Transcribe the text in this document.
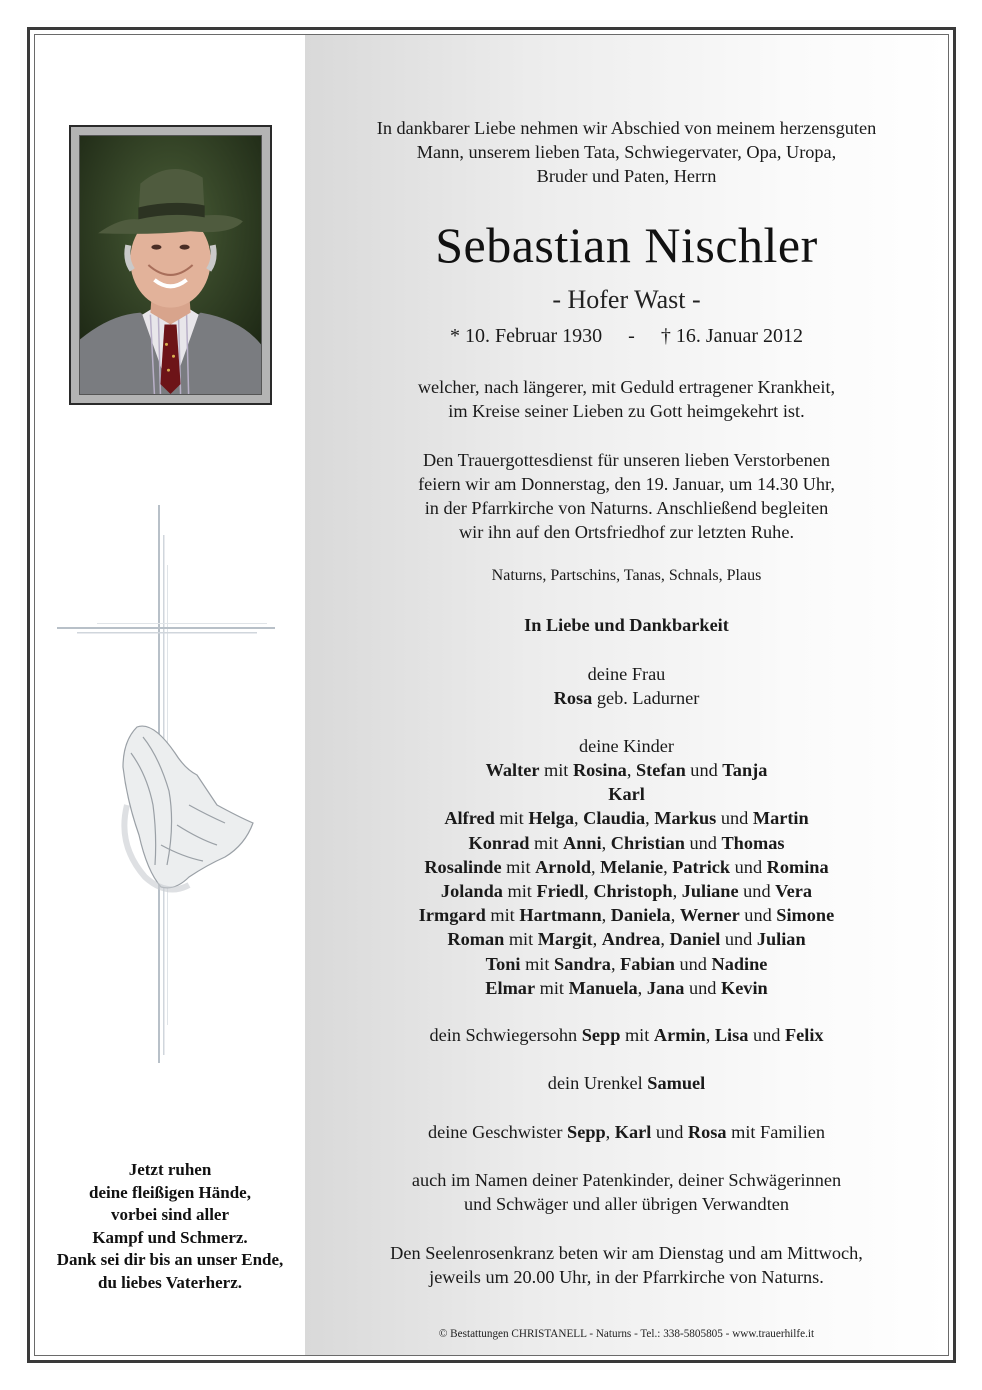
Jetzt ruhen
deine fleißigen Hände,
vorbei sind aller
Kampf und Schmerz.
Dank sei dir bis an unser Ende,
du liebes Vaterherz.
In dankbarer Liebe nehmen wir Abschied von meinem herzensguten
Mann, unserem lieben Tata, Schwiegervater, Opa, Uropa,
Bruder und Paten, Herrn
Sebastian Nischler
- Hofer Wast -
* 10. Februar 1930 - † 16. Januar 2012
welcher, nach längerer, mit Geduld ertragener Krankheit,
im Kreise seiner Lieben zu Gott heimgekehrt ist.
Den Trauergottesdienst für unseren lieben Verstorbenen
feiern wir am Donnerstag, den 19. Januar, um 14.30 Uhr,
in der Pfarrkirche von Naturns. Anschließend begleiten
wir ihn auf den Ortsfriedhof zur letzten Ruhe.
Naturns, Partschins, Tanas, Schnals, Plaus
In Liebe und Dankbarkeit
deine Frau
Rosa geb. Ladurner
deine Kinder
Walter mit Rosina, Stefan und Tanja
Karl
Alfred mit Helga, Claudia, Markus und Martin
Konrad mit Anni, Christian und Thomas
Rosalinde mit Arnold, Melanie, Patrick und Romina
Jolanda mit Friedl, Christoph, Juliane und Vera
Irmgard mit Hartmann, Daniela, Werner und Simone
Roman mit Margit, Andrea, Daniel und Julian
Toni mit Sandra, Fabian und Nadine
Elmar mit Manuela, Jana und Kevin
dein Schwiegersohn Sepp mit Armin, Lisa und Felix
dein Urenkel Samuel
deine Geschwister Sepp, Karl und Rosa mit Familien
auch im Namen deiner Patenkinder, deiner Schwägerinnen
und Schwäger und aller übrigen Verwandten
Den Seelenrosenkranz beten wir am Dienstag und am Mittwoch,
jeweils um 20.00 Uhr, in der Pfarrkirche von Naturns.
© Bestattungen CHRISTANELL - Naturns - Tel.: 338-5805805 - www.trauerhilfe.it
